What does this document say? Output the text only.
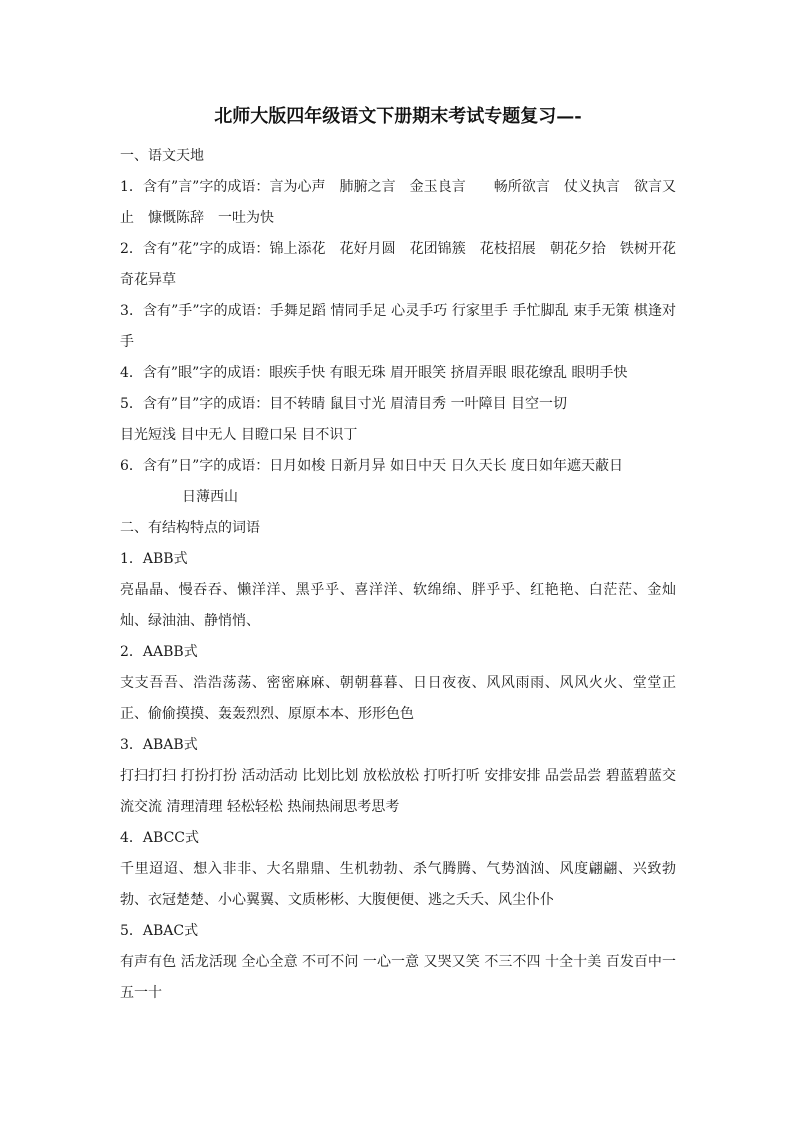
北师大版四年级语文下册期末考试专题复习—-

一、语文天地

1．含有”言”字的成语：言为心声　肺腑之言　金玉良言　　畅所欲言　仗义执言　欲言又止　慷慨陈辞　一吐为快

2．含有”花”字的成语：锦上添花　花好月圆　花团锦簇　花枝招展　朝花夕拾　铁树开花　奇花异草

3．含有”手”字的成语：手舞足蹈 情同手足 心灵手巧 行家里手 手忙脚乱 束手无策 棋逢对手

4．含有”眼”字的成语：眼疾手快 有眼无珠 眉开眼笑 挤眉弄眼 眼花缭乱 眼明手快

5．含有”目”字的成语：目不转睛 鼠目寸光 眉清目秀 一叶障目 目空一切

目光短浅 目中无人 目瞪口呆 目不识丁

6．含有”日”字的成语：日月如梭 日新月异 如日中天 日久天长 度日如年遮天蔽日

日薄西山

二、有结构特点的词语

1．ABB式

亮晶晶、慢吞吞、懒洋洋、黑乎乎、喜洋洋、软绵绵、胖乎乎、红艳艳、白茫茫、金灿灿、绿油油、静悄悄、

2．AABB式

支支吾吾、浩浩荡荡、密密麻麻、朝朝暮暮、日日夜夜、风风雨雨、风风火火、堂堂正正、偷偷摸摸、轰轰烈烈、原原本本、形形色色

3．ABAB式

打扫打扫 打扮打扮 活动活动 比划比划 放松放松 打听打听 安排安排 品尝品尝 碧蓝碧蓝交流交流 清理清理 轻松轻松 热闹热闹思考思考

4．ABCC式

千里迢迢、想入非非、大名鼎鼎、生机勃勃、杀气腾腾、气势汹汹、风度翩翩、兴致勃勃、衣冠楚楚、小心翼翼、文质彬彬、大腹便便、逃之夭夭、风尘仆仆

5．ABAC式

有声有色 活龙活现 全心全意 不可不问 一心一意 又哭又笑 不三不四 十全十美 百发百中一五一十
